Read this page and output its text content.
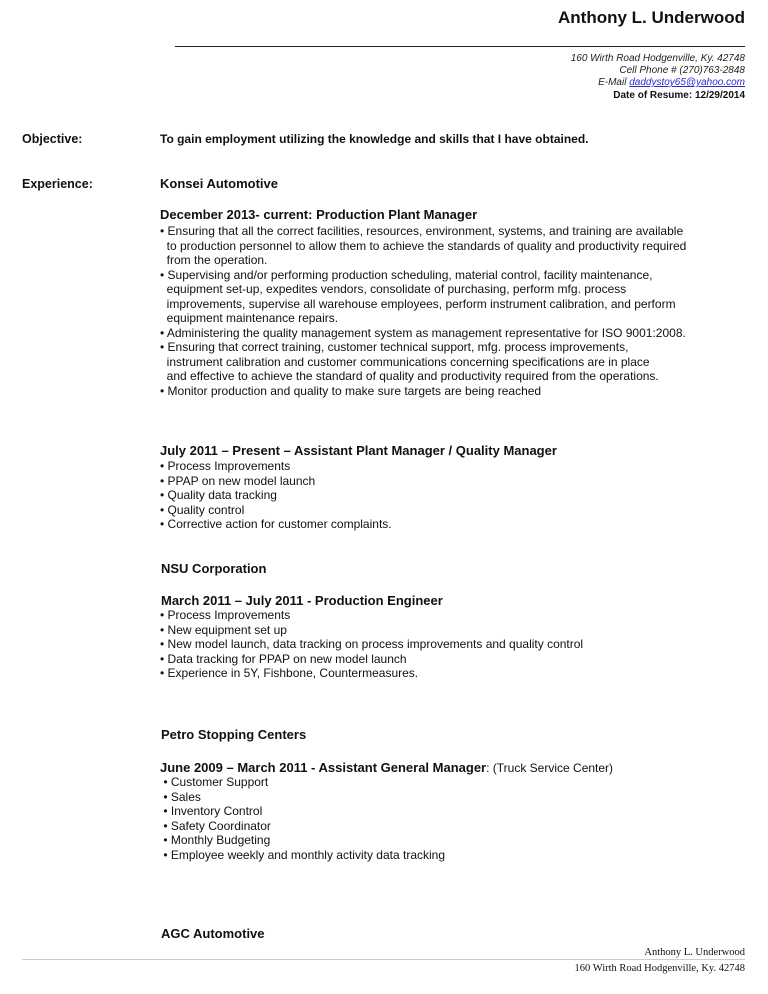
Anthony L. Underwood
160 Wirth Road Hodgenville, Ky. 42748
Cell Phone # (270)763-2848
E-Mail daddystoy65@yahoo.com
Date of Resume: 12/29/2014
Objective:	To gain employment utilizing the knowledge and skills that I have obtained.
Experience:	Konsei Automotive
December 2013- current: Production Plant Manager
• Ensuring that all the correct facilities, resources, environment, systems, and training are available
to production personnel to allow them to achieve the standards of quality and productivity required
from the operation.
• Supervising and/or performing production scheduling, material control, facility maintenance,
equipment set-up, expedites vendors, consolidate of purchasing, perform mfg. process
improvements, supervise all warehouse employees, perform instrument calibration, and perform
equipment maintenance repairs.
• Administering the quality management system as management representative for ISO 9001:2008.
• Ensuring that correct training, customer technical support, mfg. process improvements,
instrument calibration and customer communications concerning specifications are in place
and effective to achieve the standard of quality and productivity required from the operations.
• Monitor production and quality to make sure targets are being reached
July 2011 – Present – Assistant Plant Manager / Quality Manager
• Process Improvements
• PPAP on new model launch
• Quality data tracking
• Quality control
• Corrective action for customer complaints.
NSU Corporation
March 2011 – July 2011 - Production Engineer
• Process Improvements
• New equipment set up
• New model launch, data tracking on process improvements and quality control
• Data tracking for PPAP on new model launch
• Experience in 5Y, Fishbone, Countermeasures.
Petro Stopping Centers
June 2009 – March 2011 - Assistant General Manager: (Truck Service Center)
• Customer Support
• Sales
• Inventory Control
• Safety Coordinator
• Monthly Budgeting
• Employee weekly and monthly activity data tracking
AGC Automotive
Anthony L. Underwood
160 Wirth Road Hodgenville, Ky. 42748
